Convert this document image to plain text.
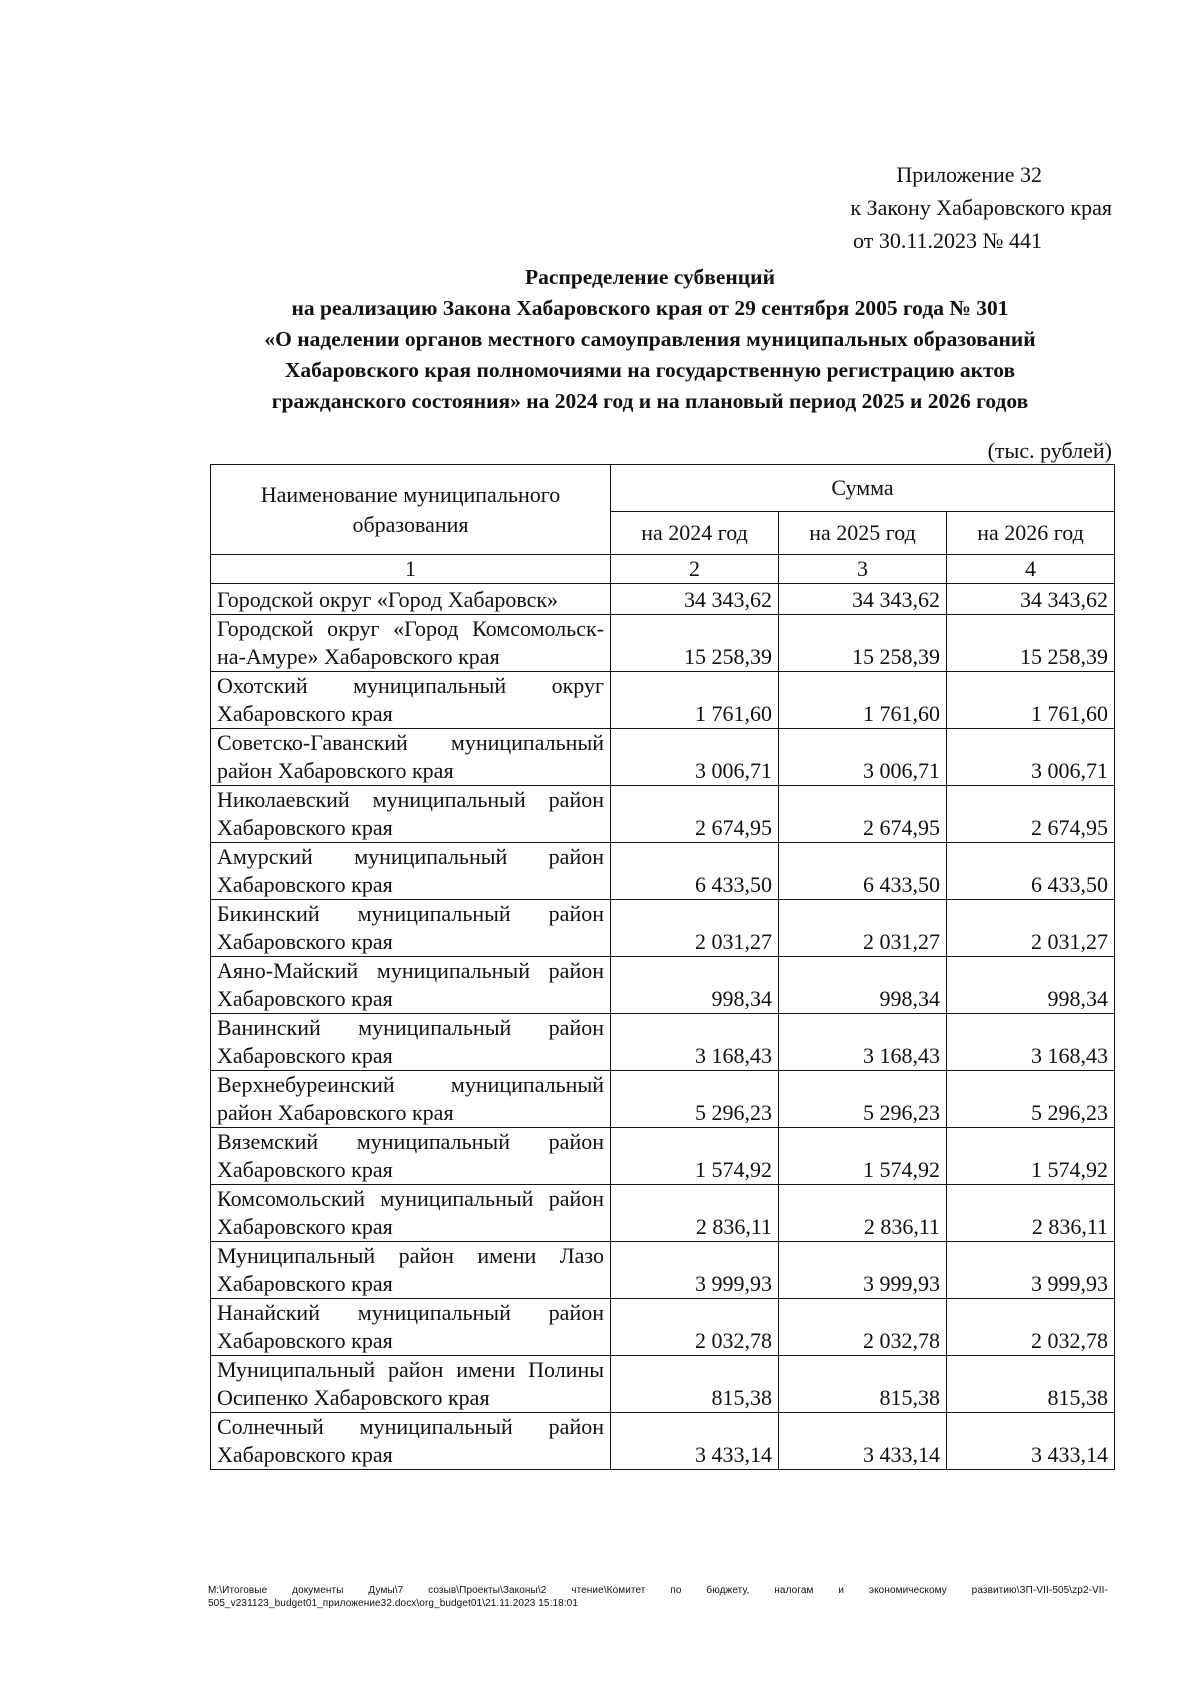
Приложение 32
к Закону Хабаровского края
от 30.11.2023 № 441
Распределение субвенций
на реализацию Закона Хабаровского края от 29 сентября 2005 года № 301
«О наделении органов местного самоуправления муниципальных образований
Хабаровского края полномочиями на государственную регистрацию актов
гражданского состояния» на 2024 год и на плановый период 2025 и 2026 годов
(тыс. рублей)
Наименование муниципального образования	Сумма		
	на 2024 год	на 2025 год	на 2026 год
1	2	3	4
Городской округ «Город Хабаровск»	34 343,62	34 343,62	34 343,62
Городской округ «Город Комсомольск-на-Амуре» Хабаровского края	15 258,39	15 258,39	15 258,39
Охотский муниципальный округ Хабаровского края	1 761,60	1 761,60	1 761,60
Советско-Гаванский муниципальный район Хабаровского края	3 006,71	3 006,71	3 006,71
Николаевский муниципальный район Хабаровского края	2 674,95	2 674,95	2 674,95
Амурский муниципальный район Хабаровского края	6 433,50	6 433,50	6 433,50
Бикинский муниципальный район Хабаровского края	2 031,27	2 031,27	2 031,27
Аяно-Майский муниципальный район Хабаровского края	998,34	998,34	998,34
Ванинский муниципальный район Хабаровского края	3 168,43	3 168,43	3 168,43
Верхнебуреинский муниципальный район Хабаровского края	5 296,23	5 296,23	5 296,23
Вяземский муниципальный район Хабаровского края	1 574,92	1 574,92	1 574,92
Комсомольский муниципальный район Хабаровского края	2 836,11	2 836,11	2 836,11
Муниципальный район имени Лазо Хабаровского края	3 999,93	3 999,93	3 999,93
Нанайский муниципальный район Хабаровского края	2 032,78	2 032,78	2 032,78
Муниципальный район имени Полины Осипенко Хабаровского края	815,38	815,38	815,38
Солнечный муниципальный район Хабаровского края	3 433,14	3 433,14	3 433,14
M:\Итоговые документы Думы\7 созыв\Проекты\Законы\2 чтение\Комитет по бюджету, налогам и экономическому развитию\ЗП-VII-505\zp2-VII-505_v231123_budget01_приложение32.docx\org_budget01\21.11.2023 15:18:01
